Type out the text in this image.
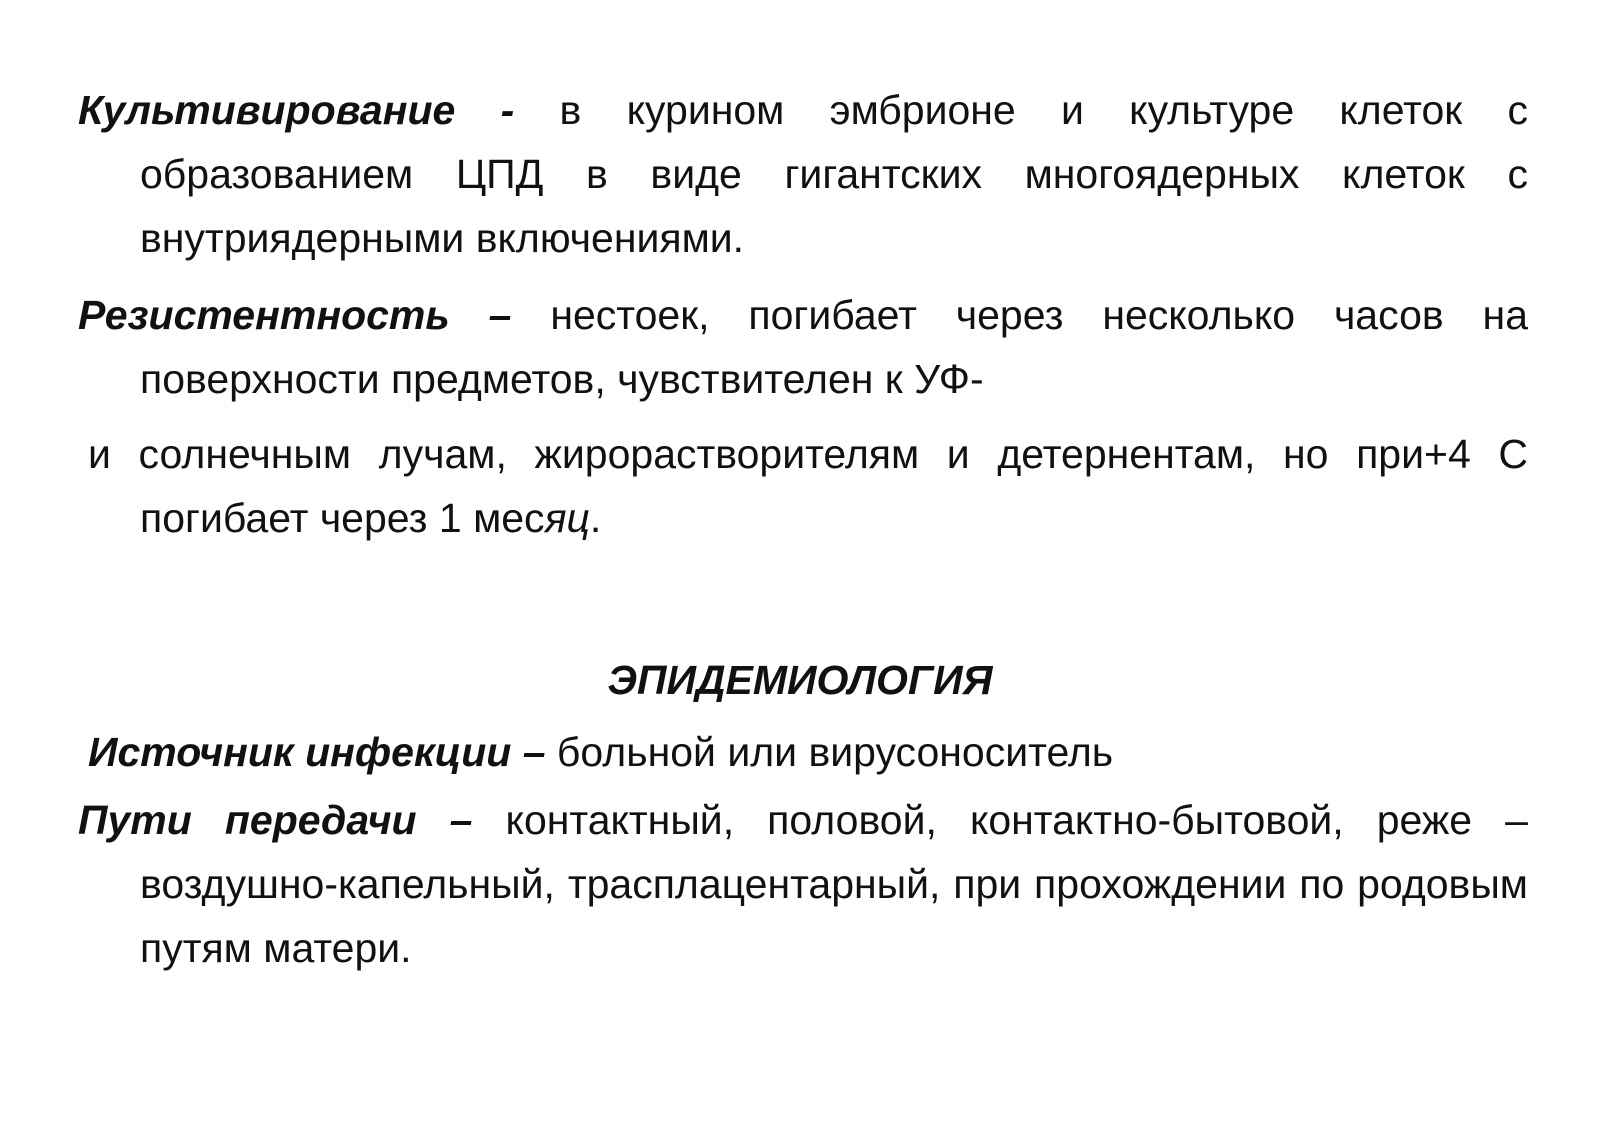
Культивирование - в курином эмбрионе и культуре клеток с образованием ЦПД в виде гигантских многоядерных клеток с внутриядерными включениями.

Резистентность – нестоек, погибает через несколько часов на поверхности предметов, чувствителен к УФ-

и солнечным лучам, жирорастворителям и детернентам, но при+4 С погибает через 1 месяц.

ЭПИДЕМИОЛОГИЯ

Источник инфекции – больной или вирусоноситель

Пути передачи – контактный, половой, контактно-бытовой, реже – воздушно-капельный, трасплацентарный, при прохождении по родовым путям матери.
